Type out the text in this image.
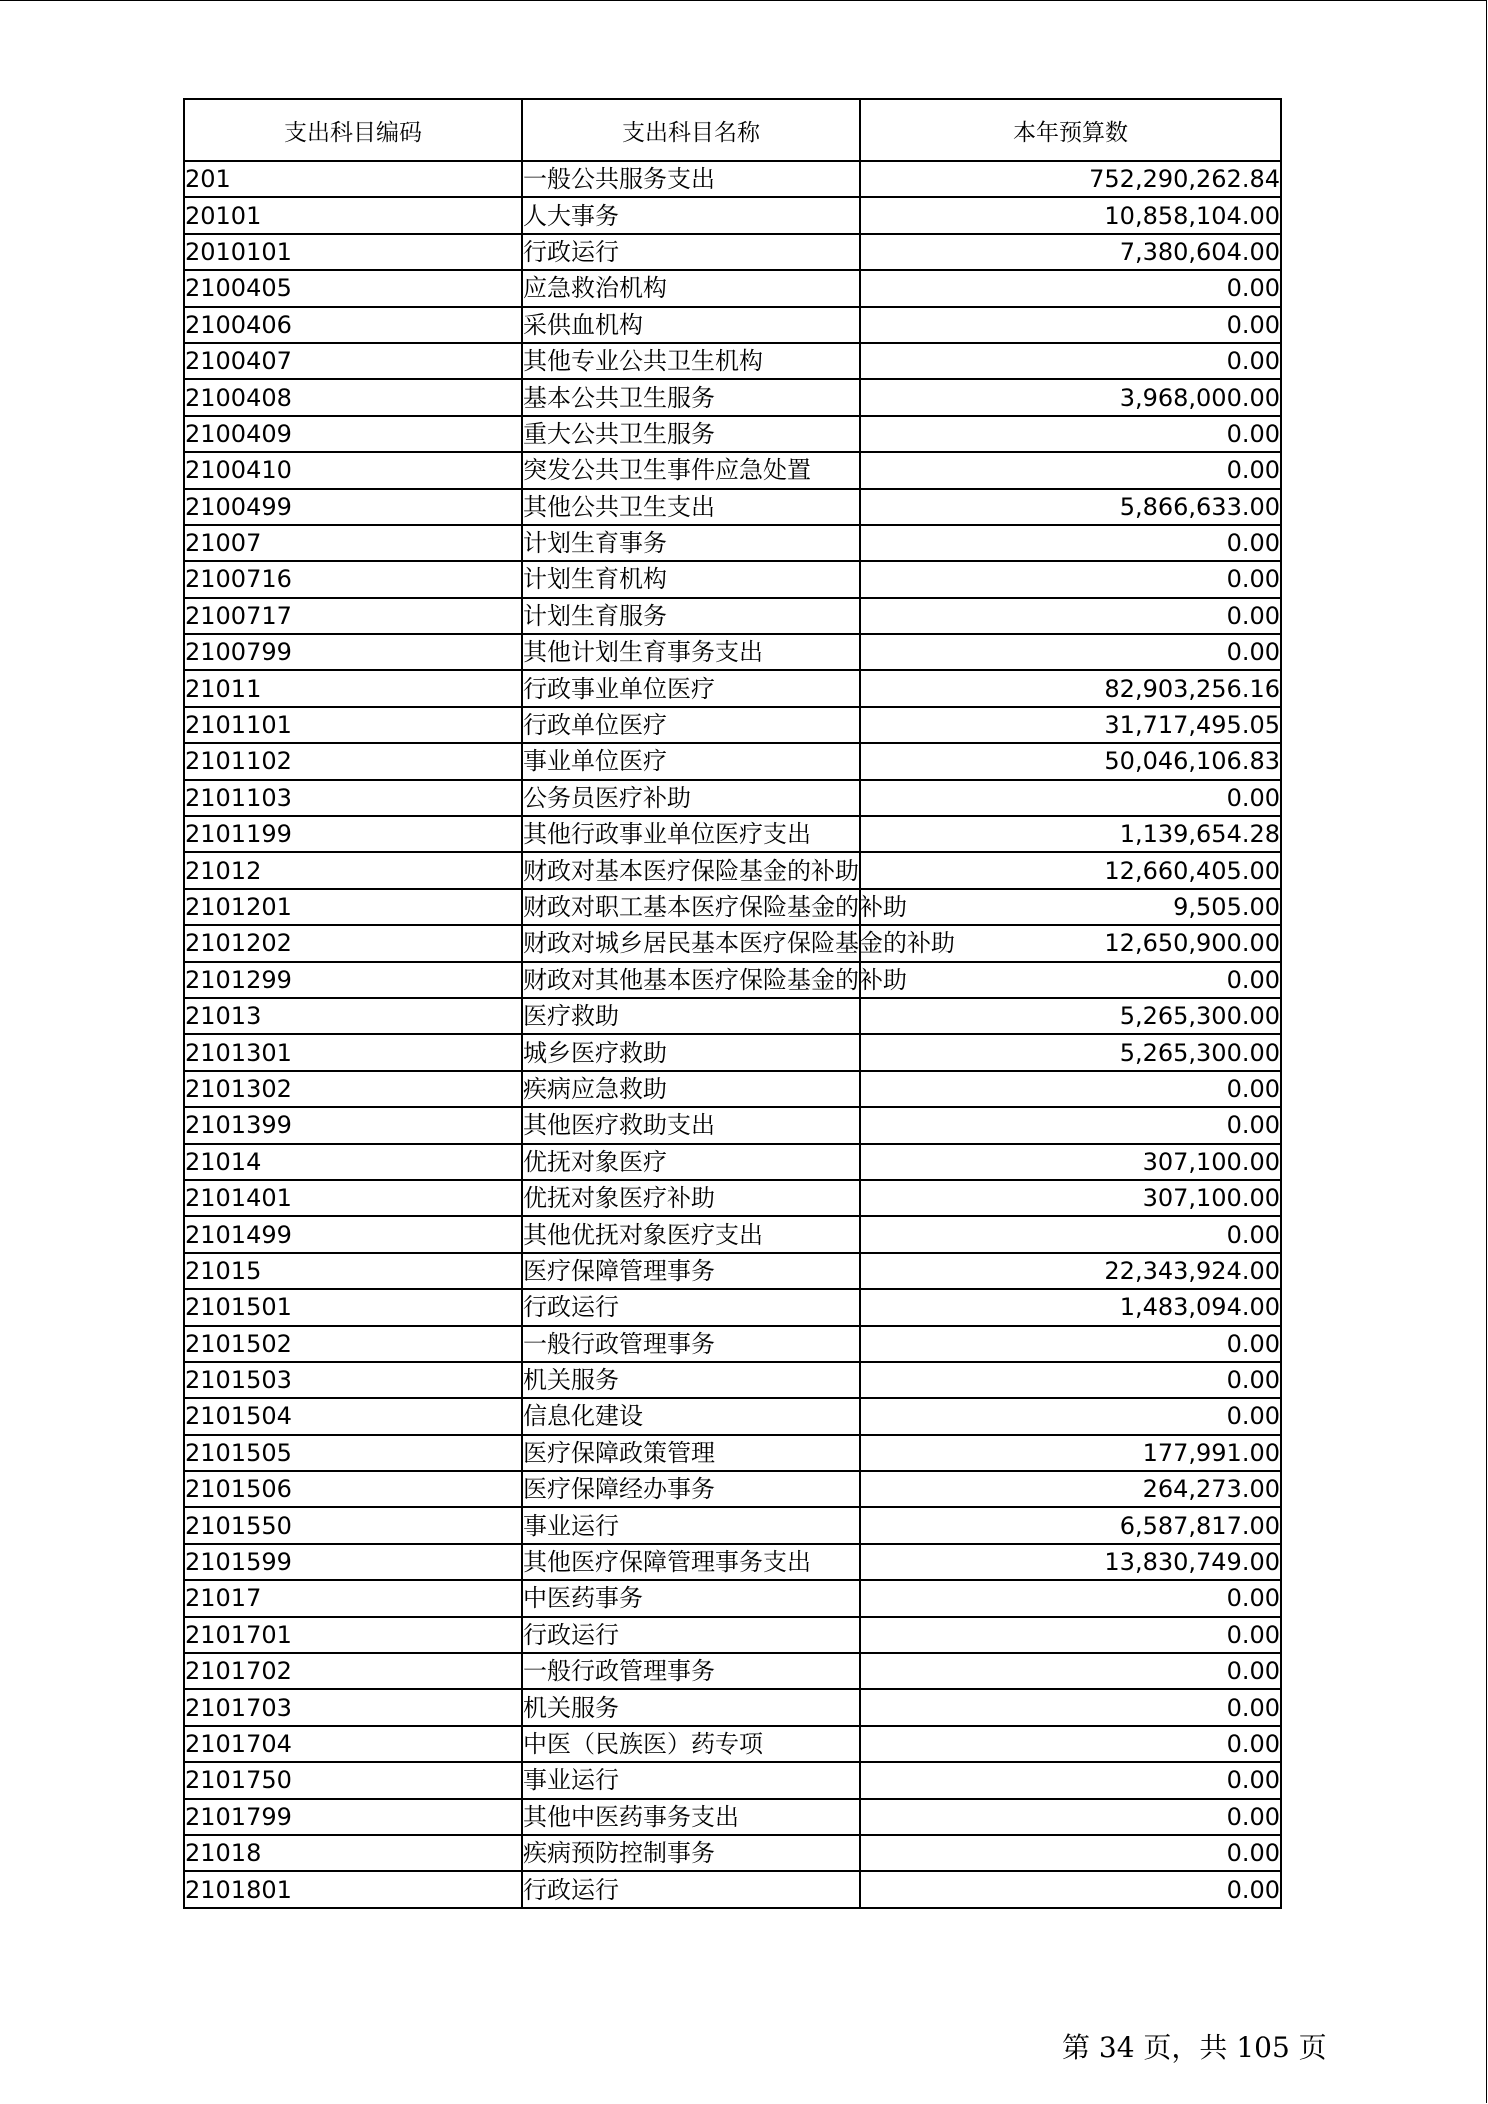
支出科目编码	支出科目名称	本年预算数
201	一般公共服务支出	752,290,262.84
20101	人大事务	10,858,104.00
2010101	行政运行	7,380,604.00
2100405	应急救治机构	0.00
2100406	采供血机构	0.00
2100407	其他专业公共卫生机构	0.00
2100408	基本公共卫生服务	3,968,000.00
2100409	重大公共卫生服务	0.00
2100410	突发公共卫生事件应急处置	0.00
2100499	其他公共卫生支出	5,866,633.00
21007	计划生育事务	0.00
2100716	计划生育机构	0.00
2100717	计划生育服务	0.00
2100799	其他计划生育事务支出	0.00
21011	行政事业单位医疗	82,903,256.16
2101101	行政单位医疗	31,717,495.05
2101102	事业单位医疗	50,046,106.83
2101103	公务员医疗补助	0.00
2101199	其他行政事业单位医疗支出	1,139,654.28
21012	财政对基本医疗保险基金的补助	12,660,405.00
2101201	财政对职工基本医疗保险基金的补助	9,505.00
2101202	财政对城乡居民基本医疗保险基金的补助	12,650,900.00
2101299	财政对其他基本医疗保险基金的补助	0.00
21013	医疗救助	5,265,300.00
2101301	城乡医疗救助	5,265,300.00
2101302	疾病应急救助	0.00
2101399	其他医疗救助支出	0.00
21014	优抚对象医疗	307,100.00
2101401	优抚对象医疗补助	307,100.00
2101499	其他优抚对象医疗支出	0.00
21015	医疗保障管理事务	22,343,924.00
2101501	行政运行	1,483,094.00
2101502	一般行政管理事务	0.00
2101503	机关服务	0.00
2101504	信息化建设	0.00
2101505	医疗保障政策管理	177,991.00
2101506	医疗保障经办事务	264,273.00
2101550	事业运行	6,587,817.00
2101599	其他医疗保障管理事务支出	13,830,749.00
21017	中医药事务	0.00
2101701	行政运行	0.00
2101702	一般行政管理事务	0.00
2101703	机关服务	0.00
2101704	中医（民族医）药专项	0.00
2101750	事业运行	0.00
2101799	其他中医药事务支出	0.00
21018	疾病预防控制事务	0.00
2101801	行政运行	0.00
第 34 页，共 105 页
